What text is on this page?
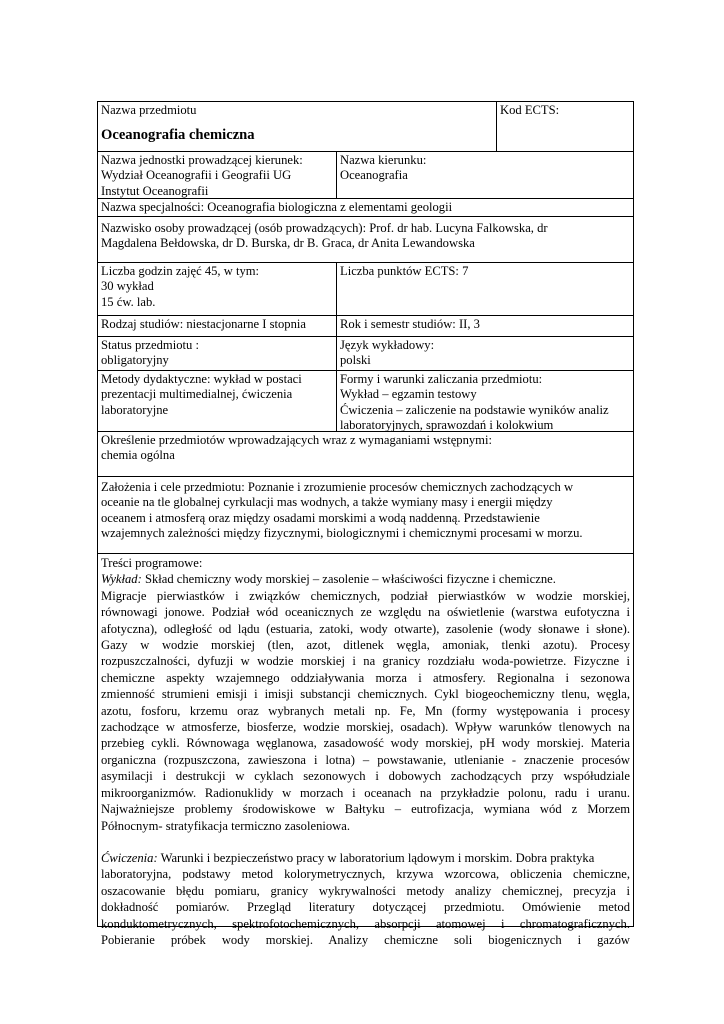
Nazwa przedmiotu
Oceanografia chemiczna
Kod ECTS:
Nazwa jednostki prowadzącej kierunek:
Wydział Oceanografii i Geografii UG
Instytut Oceanografii
Nazwa kierunku:
Oceanografia
Nazwa specjalności: Oceanografia biologiczna z elementami geologii
Nazwisko osoby prowadzącej (osób prowadzących): Prof. dr hab. Lucyna Falkowska, dr
Magdalena Bełdowska, dr D. Burska, dr B. Graca, dr Anita Lewandowska
Liczba godzin zajęć 45, w tym:
30 wykład
15 ćw. lab.
Liczba punktów ECTS: 7
Rodzaj studiów: niestacjonarne I stopnia	Rok i semestr studiów: II, 3
Status przedmiotu :
obligatoryjny
Język wykładowy:
polski
Metody dydaktyczne: wykład w postaci
prezentacji multimedialnej, ćwiczenia
laboratoryjne
Formy i warunki zaliczania przedmiotu:
Wykład – egzamin testowy
Ćwiczenia – zaliczenie na podstawie wyników analiz
laboratoryjnych, sprawozdań i kolokwium
Określenie przedmiotów wprowadzających wraz z wymaganiami wstępnymi:
chemia ogólna
Założenia i cele przedmiotu: Poznanie i zrozumienie procesów chemicznych zachodzących w
oceanie na tle globalnej cyrkulacji mas wodnych, a także wymiany masy i energii między
oceanem i atmosferą oraz między osadami morskimi a wodą naddenną. Przedstawienie
wzajemnych zależności między fizycznymi, biologicznymi i chemicznymi procesami w morzu.
Treści programowe:
Wykład: Skład chemiczny wody morskiej – zasolenie – właściwości fizyczne i chemiczne.
Migracje pierwiastków i związków chemicznych, podział pierwiastków w wodzie morskiej,
równowagi jonowe. Podział wód oceanicznych ze względu na oświetlenie (warstwa eufotyczna i
afotyczna), odległość od lądu (estuaria, zatoki, wody otwarte), zasolenie (wody słonawe i słone).
Gazy w wodzie morskiej (tlen, azot, ditlenek węgla, amoniak, tlenki azotu). Procesy
rozpuszczalności, dyfuzji w wodzie morskiej i na granicy rozdziału woda-powietrze. Fizyczne i
chemiczne aspekty wzajemnego oddziaływania morza i atmosfery. Regionalna i sezonowa
zmienność strumieni emisji i imisji substancji chemicznych. Cykl biogeochemiczny tlenu, węgla,
azotu, fosforu, krzemu oraz wybranych metali np. Fe, Mn (formy występowania i procesy
zachodzące w atmosferze, biosferze, wodzie morskiej, osadach). Wpływ warunków tlenowych na
przebieg cykli. Równowaga węglanowa, zasadowość wody morskiej, pH wody morskiej. Materia
organiczna (rozpuszczona, zawieszona i lotna) – powstawanie, utlenianie - znaczenie procesów
asymilacji i destrukcji w cyklach sezonowych i dobowych zachodzących przy współudziale
mikroorganizmów. Radionuklidy w morzach i oceanach na przykładzie polonu, radu i uranu.
Najważniejsze problemy środowiskowe w Bałtyku – eutrofizacja, wymiana wód z Morzem
Północnym- stratyfikacja termiczno zasoleniowa.
Ćwiczenia: Warunki i bezpieczeństwo pracy w laboratorium lądowym i morskim. Dobra praktyka
laboratoryjna, podstawy metod kolorymetrycznych, krzywa wzorcowa, obliczenia chemiczne,
oszacowanie błędu pomiaru, granicy wykrywalności metody analizy chemicznej, precyzja i
dokładność pomiarów. Przegląd literatury dotyczącej przedmiotu. Omówienie metod
konduktometrycznych, spektrofotochemicznych, absorpcji atomowej i chromatograficznych.
Pobieranie próbek wody morskiej. Analizy chemiczne soli biogenicznych i gazów
